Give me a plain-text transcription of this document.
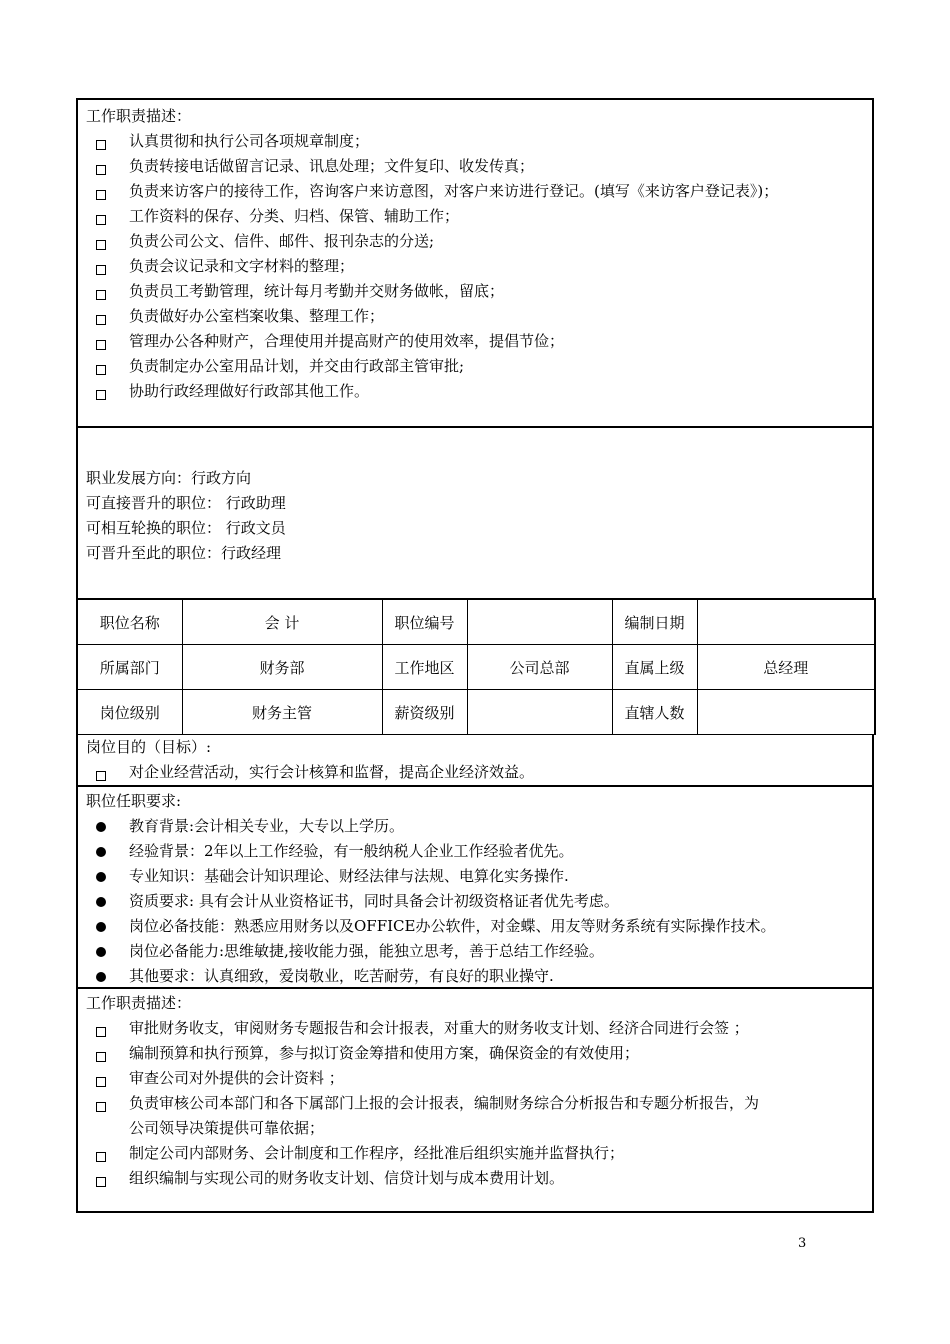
工作职责描述：
认真贯彻和执行公司各项规章制度；
负责转接电话做留言记录、讯息处理；文件复印、收发传真；
负责来访客户的接待工作，咨询客户来访意图，对客户来访进行登记。(填写《来访客户登记表》)；
工作资料的保存、分类、归档、保管、辅助工作；
负责公司公文、信件、邮件、报刊杂志的分送;
负责会议记录和文字材料的整理；
负责员工考勤管理，统计每月考勤并交财务做帐，留底；
负责做好办公室档案收集、整理工作；
管理办公各种财产，合理使用并提高财产的使用效率，提倡节俭；
负责制定办公室用品计划，并交由行政部主管审批;
协助行政经理做好行政部其他工作。
职业发展方向：行政方向
可直接晋升的职位： 行政助理
可相互轮换的职位： 行政文员
可晋升至此的职位：行政经理
职位名称	会 计	职位编号		编制日期	
所属部门	财务部	工作地区	公司总部	直属上级	总经理
岗位级别	财务主管	薪资级别		直辖人数	
岗位目的（目标）:
对企业经营活动，实行会计核算和监督，提高企业经济效益。
职位任职要求:
教育背景:会计相关专业，大专以上学历。
经验背景：2年以上工作经验，有一般纳税人企业工作经验者优先。
专业知识：基础会计知识理论、财经法律与法规、电算化实务操作.
资质要求: 具有会计从业资格证书，同时具备会计初级资格证者优先考虑。
岗位必备技能：熟悉应用财务以及OFFICE办公软件，对金蝶、用友等财务系统有实际操作技术。
岗位必备能力:思维敏捷,接收能力强，能独立思考，善于总结工作经验。
其他要求：认真细致，爱岗敬业，吃苦耐劳，有良好的职业操守.
工作职责描述：
审批财务收支，审阅财务专题报告和会计报表，对重大的财务收支计划、经济合同进行会签 ；
编制预算和执行预算，参与拟订资金筹措和使用方案，确保资金的有效使用；
审查公司对外提供的会计资料 ；
负责审核公司本部门和各下属部门上报的会计报表，编制财务综合分析报告和专题分析报告，为
公司领导决策提供可靠依据；
制定公司内部财务、会计制度和工作程序，经批准后组织实施并监督执行；
组织编制与实现公司的财务收支计划、信贷计划与成本费用计划。
3
